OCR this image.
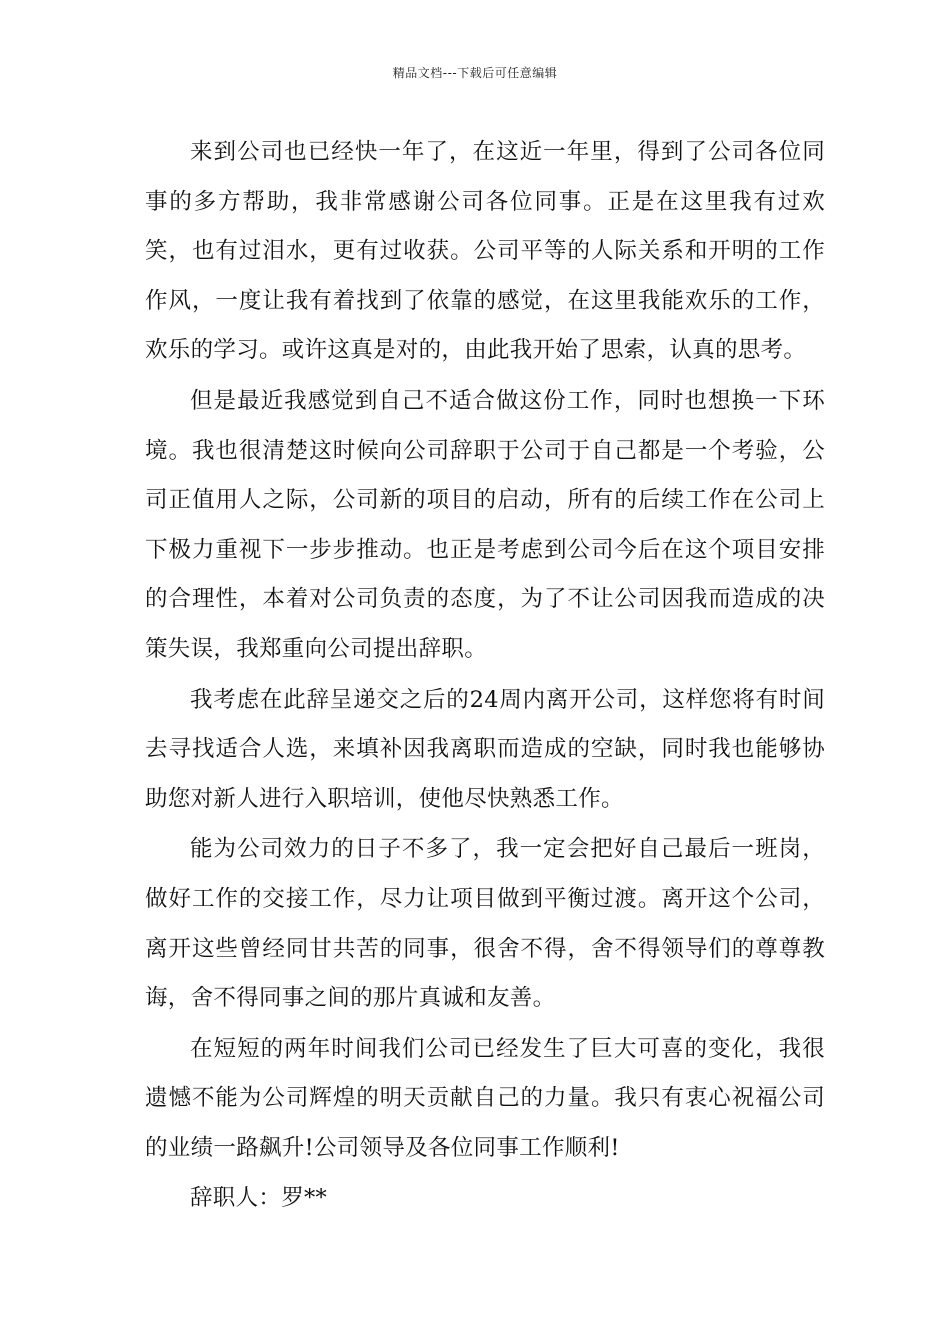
精品文档---下载后可任意编辑

来到公司也已经快一年了，在这近一年里，得到了公司各位同事的多方帮助，我非常感谢公司各位同事。正是在这里我有过欢笑，也有过泪水，更有过收获。公司平等的人际关系和开明的工作作风，一度让我有着找到了依靠的感觉，在这里我能欢乐的工作，欢乐的学习。或许这真是对的，由此我开始了思索，认真的思考。

但是最近我感觉到自己不适合做这份工作，同时也想换一下环境。我也很清楚这时候向公司辞职于公司于自己都是一个考验，公司正值用人之际，公司新的项目的启动，所有的后续工作在公司上下极力重视下一步步推动。也正是考虑到公司今后在这个项目安排的合理性，本着对公司负责的态度，为了不让公司因我而造成的决策失误，我郑重向公司提出辞职。

我考虑在此辞呈递交之后的24周内离开公司，这样您将有时间去寻找适合人选，来填补因我离职而造成的空缺，同时我也能够协助您对新人进行入职培训，使他尽快熟悉工作。

能为公司效力的日子不多了，我一定会把好自己最后一班岗，做好工作的交接工作，尽力让项目做到平衡过渡。离开这个公司，离开这些曾经同甘共苦的同事，很舍不得，舍不得领导们的尊尊教诲，舍不得同事之间的那片真诚和友善。

在短短的两年时间我们公司已经发生了巨大可喜的变化，我很遗憾不能为公司辉煌的明天贡献自己的力量。我只有衷心祝福公司的业绩一路飙升!公司领导及各位同事工作顺利!

辞职人：罗**
